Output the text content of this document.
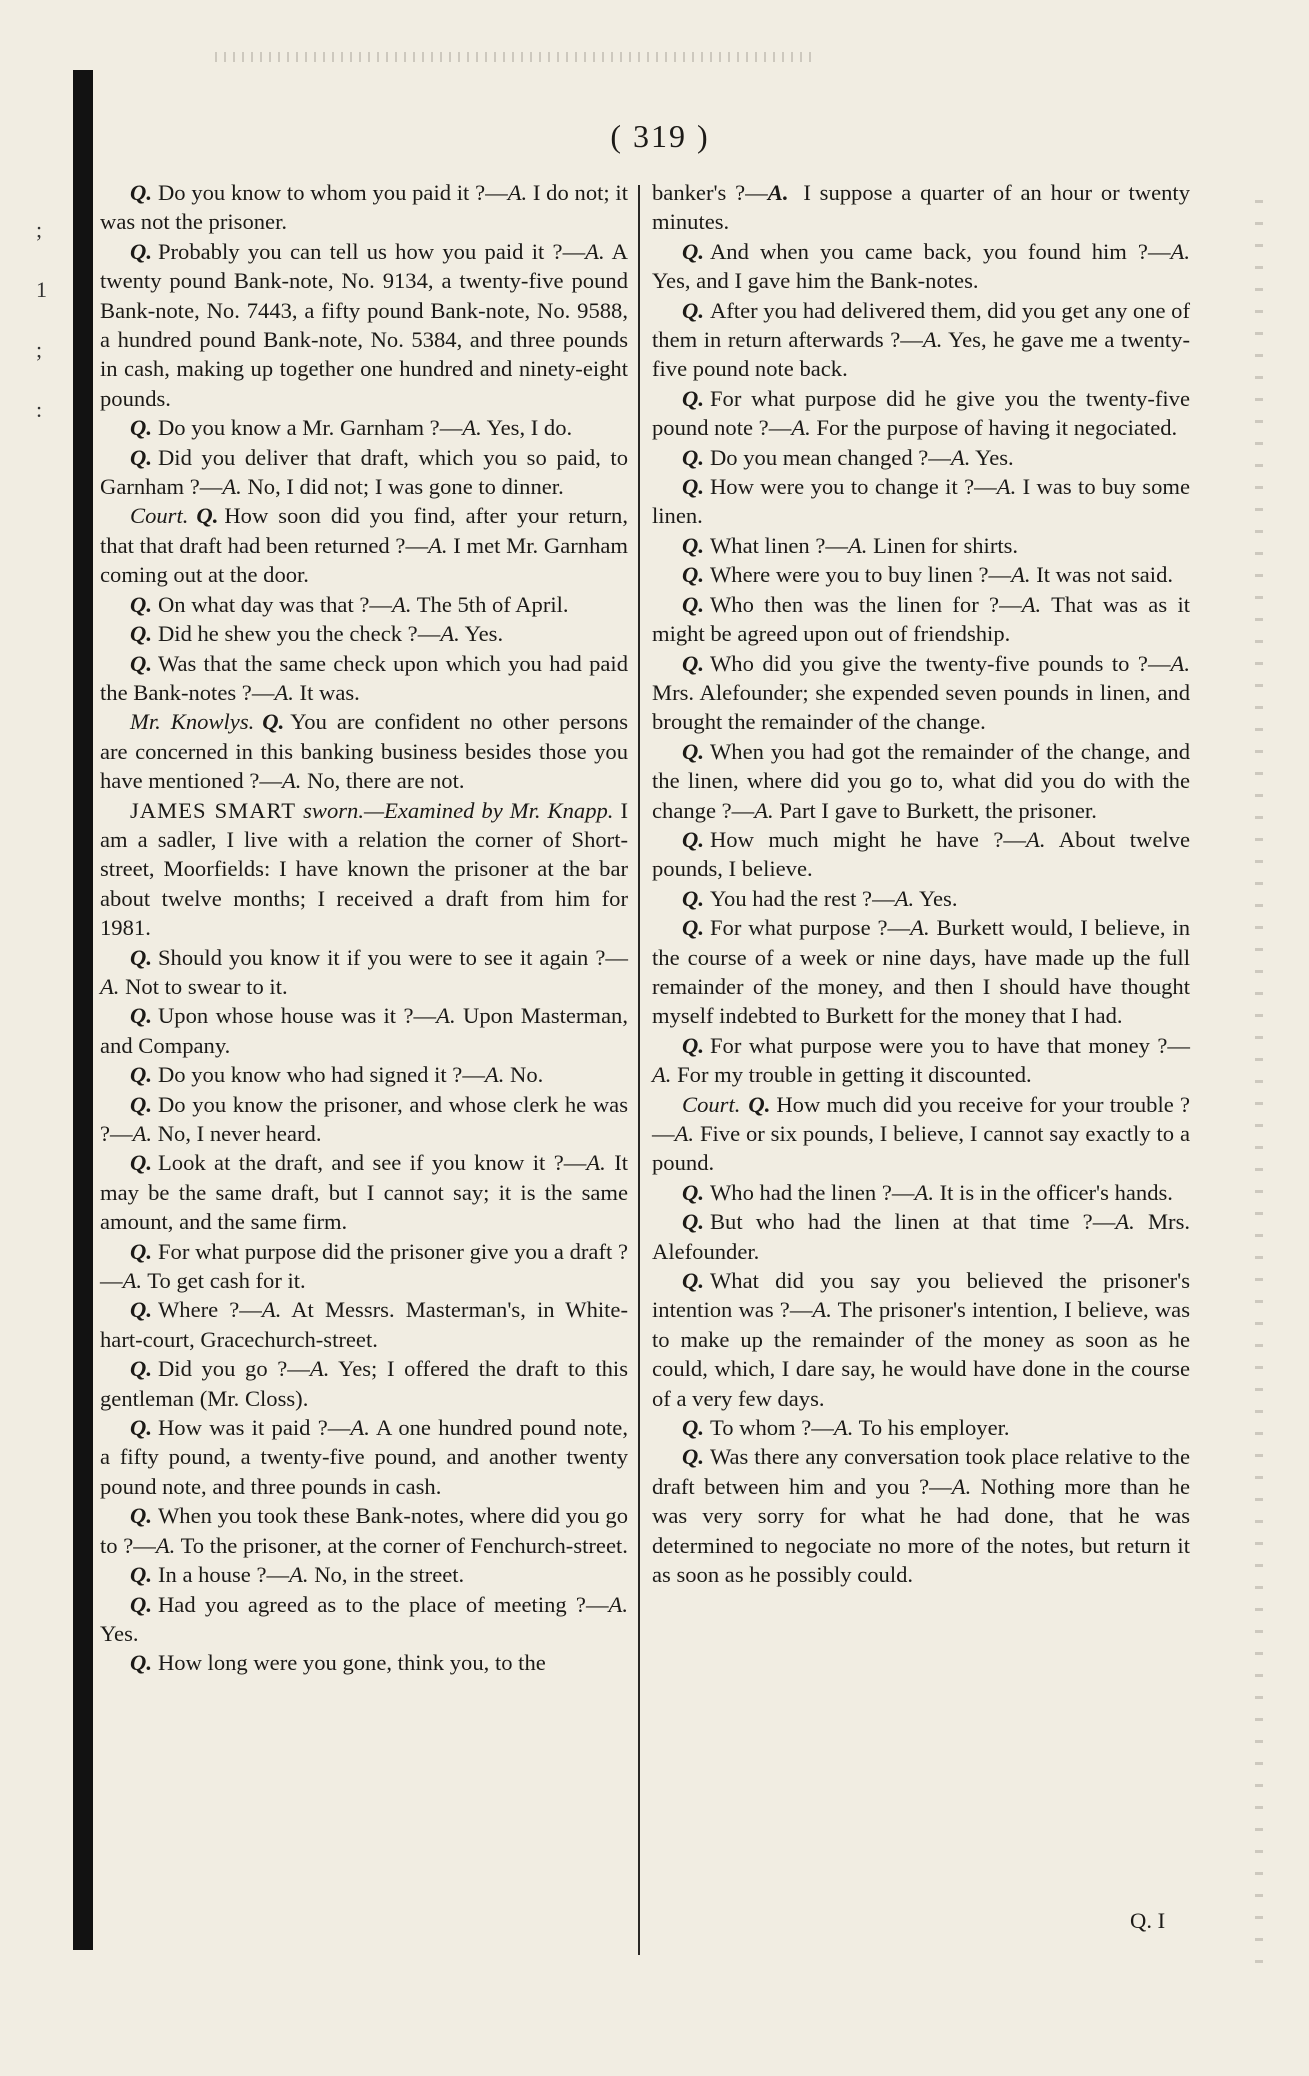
;
1
;
:
( 319 )

Q. Do you know to whom you paid it ?—A. I do not; it was not the prisoner.

Q. Probably you can tell us how you paid it ?—A. A twenty pound Bank-note, No. 9134, a twenty-five pound Bank-note, No. 7443, a fifty pound Bank-note, No. 9588, a hundred pound Bank-note, No. 5384, and three pounds in cash, making up together one hundred and ninety-eight pounds.

Q. Do you know a Mr. Garnham ?—A. Yes, I do.

Q. Did you deliver that draft, which you so paid, to Garnham ?—A. No, I did not; I was gone to dinner.

Court. Q. How soon did you find, after your return, that that draft had been returned ?—A. I met Mr. Garnham coming out at the door.

Q. On what day was that ?—A. The 5th of April.

Q. Did he shew you the check ?—A. Yes.

Q. Was that the same check upon which you had paid the Bank-notes ?—A. It was.

Mr. Knowlys. Q. You are confident no other persons are concerned in this banking business besides those you have mentioned ?—A. No, there are not.

JAMES SMART sworn.—Examined by Mr. Knapp. I am a sadler, I live with a relation the corner of Short-street, Moorfields: I have known the prisoner at the bar about twelve months; I received a draft from him for 1981.

Q. Should you know it if you were to see it again ?—A. Not to swear to it.

Q. Upon whose house was it ?—A. Upon Masterman, and Company.

Q. Do you know who had signed it ?—A. No.

Q. Do you know the prisoner, and whose clerk he was ?—A. No, I never heard.

Q. Look at the draft, and see if you know it ?—A. It may be the same draft, but I cannot say; it is the same amount, and the same firm.

Q. For what purpose did the prisoner give you a draft ?—A. To get cash for it.

Q. Where ?—A. At Messrs. Masterman's, in White-hart-court, Gracechurch-street.

Q. Did you go ?—A. Yes; I offered the draft to this gentleman (Mr. Closs).

Q. How was it paid ?—A. A one hundred pound note, a fifty pound, a twenty-five pound, and another twenty pound note, and three pounds in cash.

Q. When you took these Bank-notes, where did you go to ?—A. To the prisoner, at the corner of Fenchurch-street.

Q. In a house ?—A. No, in the street.

Q. Had you agreed as to the place of meeting ?—A. Yes.

Q. How long were you gone, think you, to the

banker's ?—A. I suppose a quarter of an hour or twenty minutes.

Q. And when you came back, you found him ?—A. Yes, and I gave him the Bank-notes.

Q. After you had delivered them, did you get any one of them in return afterwards ?—A. Yes, he gave me a twenty-five pound note back.

Q. For what purpose did he give you the twenty-five pound note ?—A. For the purpose of having it negociated.

Q. Do you mean changed ?—A. Yes.

Q. How were you to change it ?—A. I was to buy some linen.

Q. What linen ?—A. Linen for shirts.

Q. Where were you to buy linen ?—A. It was not said.

Q. Who then was the linen for ?—A. That was as it might be agreed upon out of friendship.

Q. Who did you give the twenty-five pounds to ?—A. Mrs. Alefounder; she expended seven pounds in linen, and brought the remainder of the change.

Q. When you had got the remainder of the change, and the linen, where did you go to, what did you do with the change ?—A. Part I gave to Burkett, the prisoner.

Q. How much might he have ?—A. About twelve pounds, I believe.

Q. You had the rest ?—A. Yes.

Q. For what purpose ?—A. Burkett would, I believe, in the course of a week or nine days, have made up the full remainder of the money, and then I should have thought myself indebted to Burkett for the money that I had.

Q. For what purpose were you to have that money ?—A. For my trouble in getting it discounted.

Court. Q. How much did you receive for your trouble ?—A. Five or six pounds, I believe, I cannot say exactly to a pound.

Q. Who had the linen ?—A. It is in the officer's hands.

Q. But who had the linen at that time ?—A. Mrs. Alefounder.

Q. What did you say you believed the prisoner's intention was ?—A. The prisoner's intention, I believe, was to make up the remainder of the money as soon as he could, which, I dare say, he would have done in the course of a very few days.

Q. To whom ?—A. To his employer.

Q. Was there any conversation took place relative to the draft between him and you ?—A. Nothing more than he was very sorry for what he had done, that he was determined to negociate no more of the notes, but return it as soon as he possibly could.

Q. I
